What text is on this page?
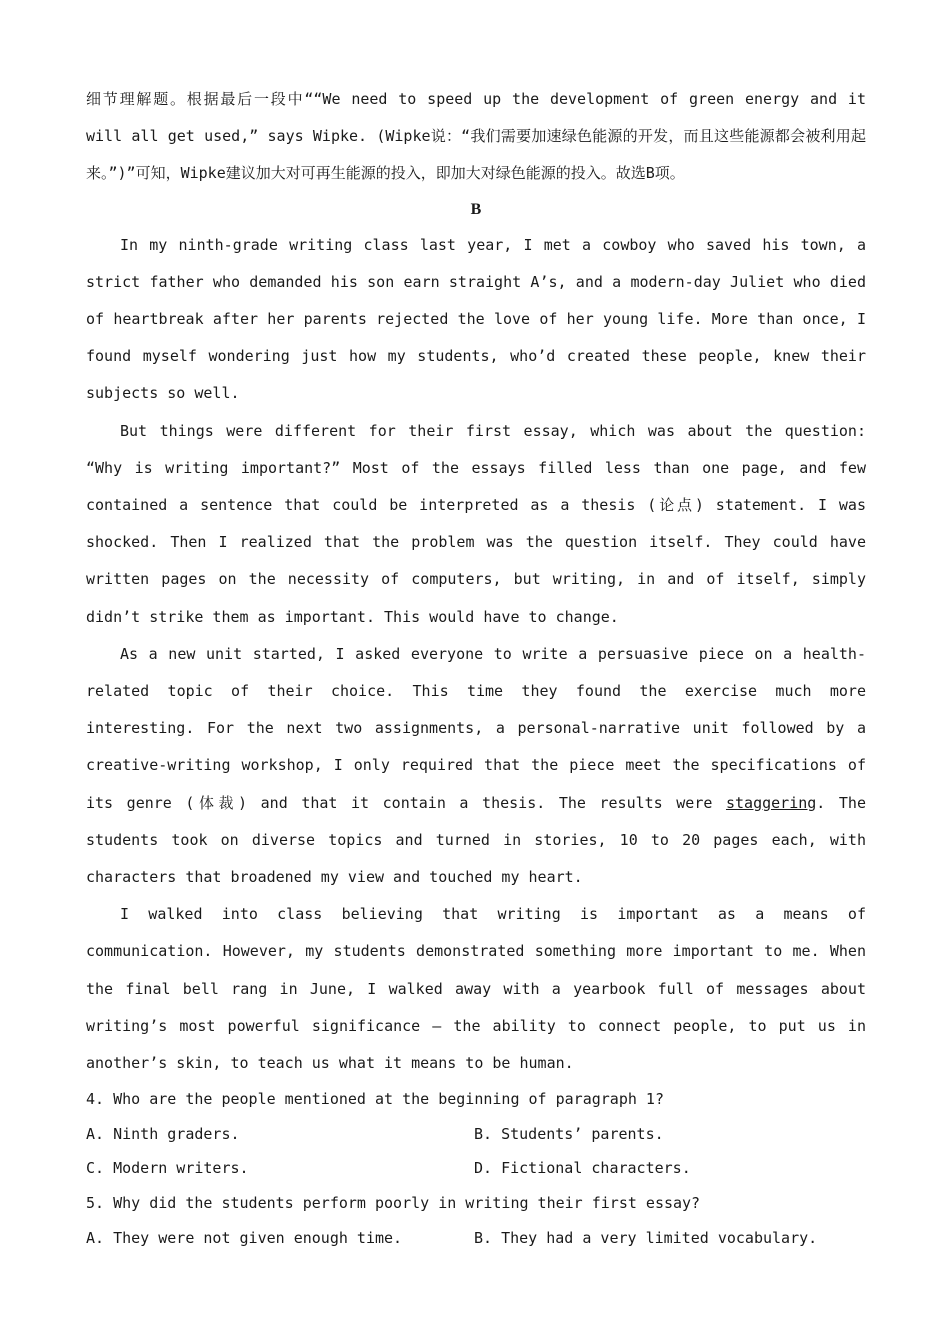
细节理解题。根据最后一段中““We need to speed up the development of green energy and it will all get used,” says Wipke. (Wipke说：“我们需要加速绿色能源的开发，而且这些能源都会被利用起来。”)”可知，Wipke建议加大对可再生能源的投入，即加大对绿色能源的投入。故选B项。

B

In my ninth-grade writing class last year, I met a cowboy who saved his town, a strict father who demanded his son earn straight A’s, and a modern-day Juliet who died of heartbreak after her parents rejected the love of her young life. More than once, I found myself wondering just how my students, who’d created these people, knew their subjects so well.

But things were different for their first essay, which was about the question: “Why is writing important?” Most of the essays filled less than one page, and few contained a sentence that could be interpreted as a thesis (论点) statement. I was shocked. Then I realized that the problem was the question itself. They could have written pages on the necessity of computers, but writing, in and of itself, simply didn’t strike them as important. This would have to change.

As a new unit started, I asked everyone to write a persuasive piece on a health-related topic of their choice. This time they found the exercise much more interesting. For the next two assignments, a personal-narrative unit followed by a creative-writing workshop, I only required that the piece meet the specifications of its genre (体裁) and that it contain a thesis. The results were staggering. The students took on diverse topics and turned in stories, 10 to 20 pages each, with characters that broadened my view and touched my heart.

I walked into class believing that writing is important as a means of communication. However, my students demonstrated something more important to me. When the final bell rang in June, I walked away with a yearbook full of messages about writing’s most powerful significance — the ability to connect people, to put us in another’s skin, to teach us what it means to be human.

4. Who are the people mentioned at the beginning of paragraph 1?

A. Ninth graders.	B. Students’ parents.
C. Modern writers.	D. Fictional characters.

5. Why did the students perform poorly in writing their first essay?

A. They were not given enough time.	B. They had a very limited vocabulary.
